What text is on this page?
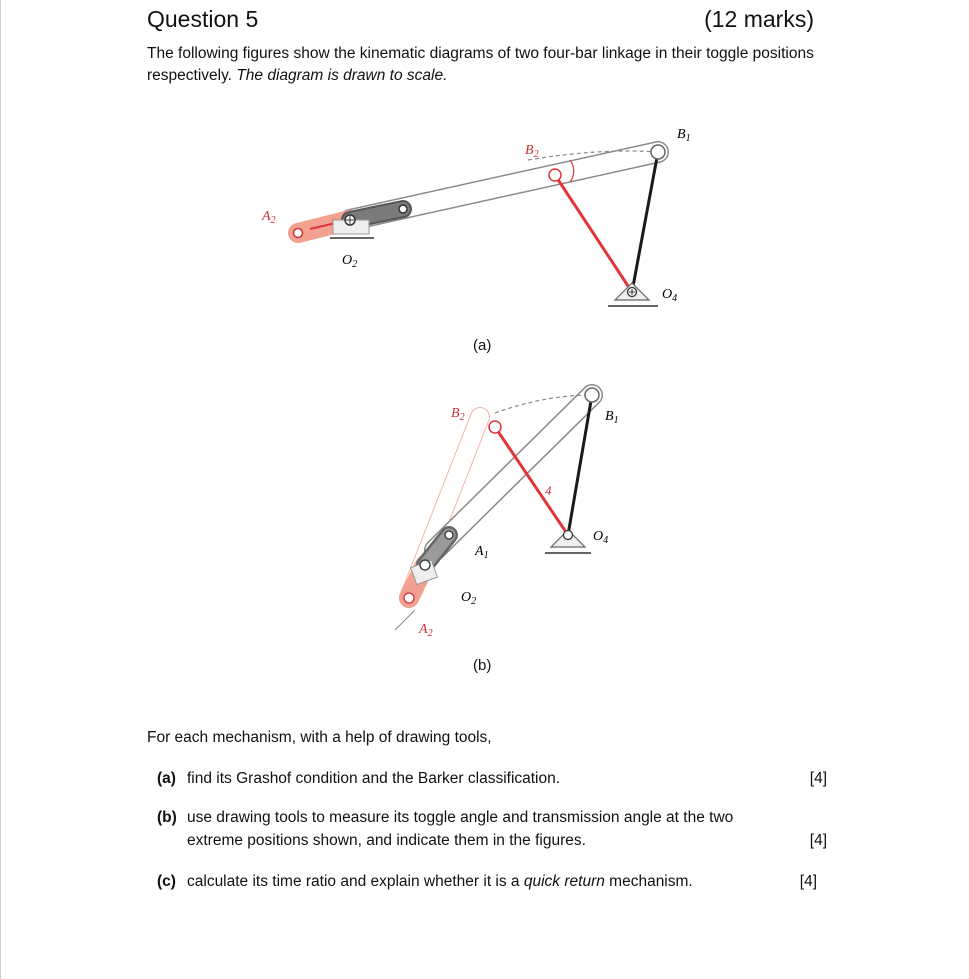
Question 5	(12 marks)
The following figures show the kinematic diagrams of two four-bar linkage in their toggle positions respectively. The diagram is drawn to scale.
$A_2$
$O_2$
$B_2$
$B_1$
$O_4$
(a)
$B_2$	$B_1$
4
$O_4$
$A_1$
$O_2$
$A_2$
(b)
For each mechanism, with a help of drawing tools,
(a) find its Grashof condition and the Barker classification.	[4]
(b) use drawing tools to measure its toggle angle and transmission angle at the two
extreme positions shown, and indicate them in the figures.	[4]
(c) calculate its time ratio and explain whether it is a quick return mechanism.	[4]
